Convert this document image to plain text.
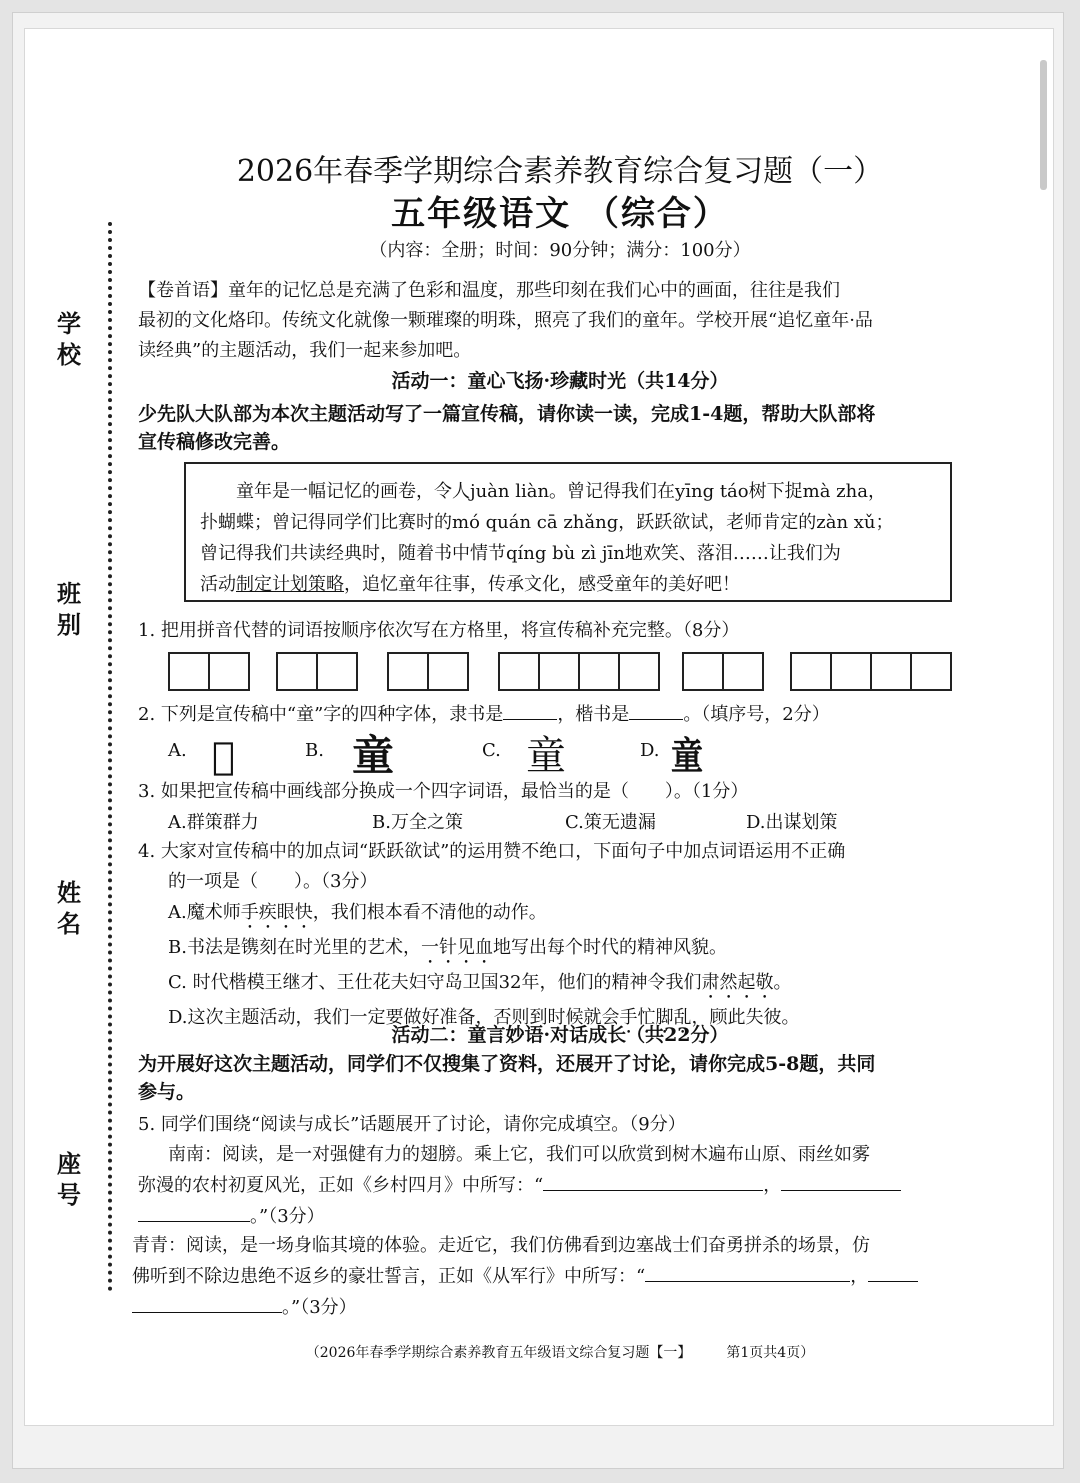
学
校
班
别
姓
名
座
号
2026年春季学期综合素养教育综合复习题（一）
五年级语文 （综合）
（内容：全册；时间：90分钟；满分：100分）
【卷首语】童年的记忆总是充满了色彩和温度，那些印刻在我们心中的画面，往往是我们
最初的文化烙印。传统文化就像一颗璀璨的明珠，照亮了我们的童年。学校开展“追忆童年·品
读经典”的主题活动，我们一起来参加吧。
活动一：童心飞扬·珍藏时光（共14分）
少先队大队部为本次主题活动写了一篇宣传稿，请你读一读，完成1-4题，帮助大队部将
宣传稿修改完善。
童年是一幅记忆的画卷，令人juàn liàn。曾记得我们在yīng táo树下捉mà zha，
扑蝴蝶；曾记得同学们比赛时的mó quán cā zhǎng，跃跃欲试，老师肯定的zàn xǔ；
曾记得我们共读经典时，随着书中情节qíng bù zì jīn地欢笑、落泪……让我们为
活动制定计划策略，追忆童年往事，传承文化，感受童年的美好吧！
1. 把用拼音代替的词语按顺序依次写在方格里，将宣传稿补充完整。（8分）
2. 下列是宣传稿中“童”字的四种字体，隶书是	，楷书是	。（填序号，2分）
A. 𤰻	B. 童	C. 童	D. 童
3. 如果把宣传稿中画线部分换成一个四字词语，最恰当的是（　　）。（1分）
A.群策群力	B.万全之策	C.策无遗漏	D.出谋划策
4. 大家对宣传稿中的加点词“跃跃欲试”的运用赞不绝口，下面句子中加点词语运用不正确
的一项是（　　）。（3分）
A.魔术师手疾眼快，我们根本看不清他的动作。
B.书法是镌刻在时光里的艺术，一针见血地写出每个时代的精神风貌。
C. 时代楷模王继才、王仕花夫妇守岛卫国32年，他们的精神令我们肃然起敬。
D.这次主题活动，我们一定要做好准备，否则到时候就会手忙脚乱，顾此失彼。
活动二：童言妙语·对话成长（共22分）
为开展好这次主题活动，同学们不仅搜集了资料，还展开了讨论，请你完成5-8题，共同
参与。
5. 同学们围绕“阅读与成长”话题展开了讨论，请你完成填空。（9分）
南南：阅读，是一对强健有力的翅膀。乘上它，我们可以欣赏到树木遍布山原、雨丝如雾
弥漫的农村初夏风光，正如《乡村四月》中所写：“	，
。”（3分）
青青：阅读，是一场身临其境的体验。走近它，我们仿佛看到边塞战士们奋勇拼杀的场景，仿
佛听到不除边患绝不返乡的豪壮誓言，正如《从军行》中所写：“	，
。”（3分）
（2026年春季学期综合素养教育五年级语文综合复习题【一】　　　第1页共4页）
